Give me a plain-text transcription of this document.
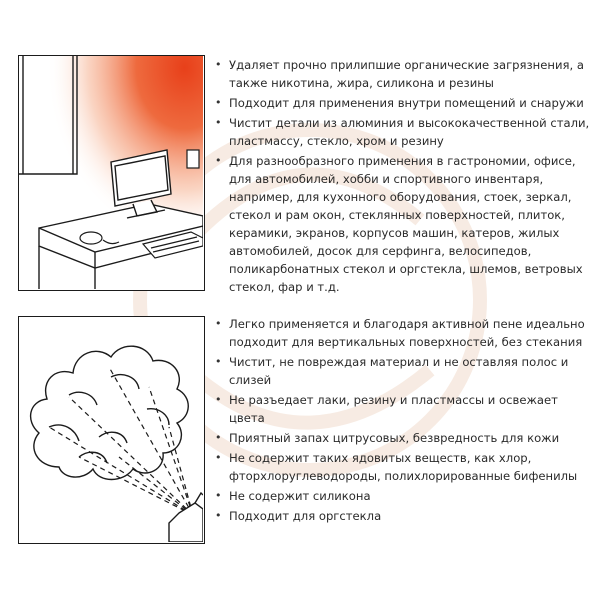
• Удаляет прочно прилипшие органические загрязнения, а также никотина, жира, силикона и резины
• Подходит для применения внутри помещений и снаружи
• Чистит детали из алюминия и высококачественной стали, пластмассу, стекло, хром и резину
• Для разнообразного применения в гастрономии, офисе, для автомобилей, хобби и спортивного инвентаря, например, для кухонного оборудования, стоек, зеркал, стекол и рам окон, стеклянных поверхностей, плиток, керамики, экранов, корпусов машин, катеров, жилых автомобилей, досок для серфинга, велосипедов, поликарбонатных стекол и оргстекла, шлемов, ветровых стекол, фар и т.д.
• Легко применяется и благодаря активной пене идеально подходит для вертикальных поверхностей, без стекания
• Чистит, не повреждая материал и не оставляя полос и слизей
• Не разъедает лаки, резину и пластмассы и освежает цвета
• Приятный запах цитрусовых, безвредность для кожи
• Не содержит таких ядовитых веществ, как хлор, фторхлоруглеводороды, полихлорированные бифенилы
• Не содержит силикона
• Подходит для оргстекла
